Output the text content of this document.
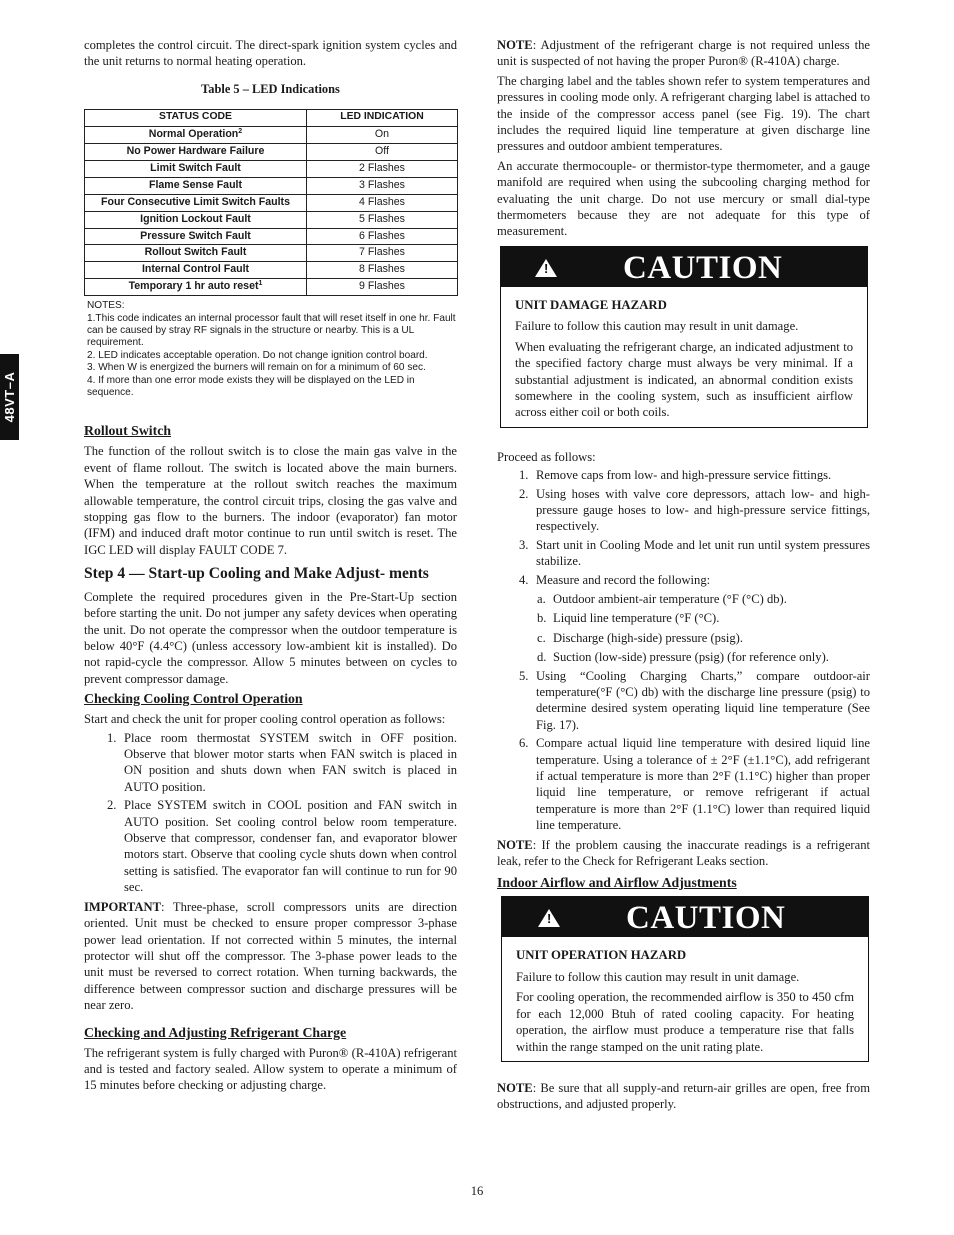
48VT–A

completes the control circuit. The direct-spark ignition system cycles and the unit returns to normal heating operation.

Table 5 – LED Indications
STATUS CODE	LED INDICATION
Normal Operation$^2$	On
No Power Hardware Failure	Off
Limit Switch Fault	2 Flashes
Flame Sense Fault	3 Flashes
Four Consecutive Limit Switch Faults	4 Flashes
Ignition Lockout Fault	5 Flashes
Pressure Switch Fault	6 Flashes
Rollout Switch Fault	7 Flashes
Internal Control Fault	8 Flashes
Temporary 1 hr auto reset$^1$	9 Flashes
NOTES:
1.This code indicates an internal processor fault that will reset itself in one hr. Fault can be caused by stray RF signals in the structure or nearby. This is a UL requirement.
2. LED indicates acceptable operation. Do not change ignition control board.
3. When W is energized the burners will remain on for a minimum of 60 sec.
4. If more than one error mode exists they will be displayed on the LED in sequence.
Rollout Switch

The function of the rollout switch is to close the main gas valve in the event of flame rollout. The switch is located above the main burners. When the temperature at the rollout switch reaches the maximum allowable temperature, the control circuit trips, closing the gas valve and stopping gas flow to the burners. The indoor (evaporator) fan motor (IFM) and induced draft motor continue to run until switch is reset. The IGC LED will display FAULT CODE 7.

Step 4 — Start-up Cooling and Make Adjust- ments

Complete the required procedures given in the Pre-Start-Up section before starting the unit. Do not jumper any safety devices when operating the unit. Do not operate the compressor when the outdoor temperature is below 40°F (4.4°C) (unless accessory low-ambient kit is installed). Do not rapid-cycle the compressor. Allow 5 minutes between on cycles to prevent compressor damage.

Checking Cooling Control Operation

Start and check the unit for proper cooling control operation as follows:

1. Place room thermostat SYSTEM switch in OFF position. Observe that blower motor starts when FAN switch is placed in ON position and shuts down when FAN switch is placed in AUTO position.
2. Place SYSTEM switch in COOL position and FAN switch in AUTO position. Set cooling control below room temperature. Observe that compressor, condenser fan, and evaporator blower motors start. Observe that cooling cycle shuts down when control setting is satisfied. The evaporator fan will continue to run for 90 sec.

IMPORTANT: Three-phase, scroll compressors units are direction oriented. Unit must be checked to ensure proper compressor 3-phase power lead orientation. If not corrected within 5 minutes, the internal protector will shut off the compressor. The 3-phase power leads to the unit must be reversed to correct rotation. When turning backwards, the difference between compressor suction and discharge pressures will be near zero.

Checking and Adjusting Refrigerant Charge

The refrigerant system is fully charged with Puron® (R-410A) refrigerant and is tested and factory sealed. Allow system to operate a minimum of 15 minutes before checking or adjusting charge.

NOTE: Adjustment of the refrigerant charge is not required unless the unit is suspected of not having the proper Puron® (R-410A) charge.

The charging label and the tables shown refer to system temperatures and pressures in cooling mode only. A refrigerant charging label is attached to the inside of the compressor access panel (see Fig. 19). The chart includes the required liquid line temperature at given discharge line pressures and outdoor ambient temperatures.

An accurate thermocouple- or thermistor-type thermometer, and a gauge manifold are required when using the subcooling charging method for evaluating the unit charge. Do not use mercury or small dial-type thermometers because they are not adequate for this type of measurement.

! CAUTION
UNIT DAMAGE HAZARD

Failure to follow this caution may result in unit damage.

When evaluating the refrigerant charge, an indicated adjustment to the specified factory charge must always be very minimal. If a substantial adjustment is indicated, an abnormal condition exists somewhere in the cooling system, such as insufficient airflow across either coil or both coils.

Proceed as follows:

1. Remove caps from low- and high-pressure service fittings.
2. Using hoses with valve core depressors, attach low- and high-pressure gauge hoses to low- and high-pressure service fittings, respectively.
3. Start unit in Cooling Mode and let unit run until system pressures stabilize.
4. Measure and record the following:
a. Outdoor ambient-air temperature (°F (°C) db).
b. Liquid line temperature (°F (°C).
c. Discharge (high-side) pressure (psig).
d. Suction (low-side) pressure (psig) (for reference only).
5. Using “Cooling Charging Charts,” compare outdoor-air temperature(°F (°C) db) with the discharge line pressure (psig) to determine desired system operating liquid line temperature (See Fig. 17).
6. Compare actual liquid line temperature with desired liquid line temperature. Using a tolerance of ± 2°F (±1.1°C), add refrigerant if actual temperature is more than 2°F (1.1°C) higher than proper liquid line temperature, or remove refrigerant if actual temperature is more than 2°F (1.1°C) lower than required liquid line temperature.

NOTE: If the problem causing the inaccurate readings is a refrigerant leak, refer to the Check for Refrigerant Leaks section.

Indoor Airflow and Airflow Adjustments
! CAUTION
UNIT OPERATION HAZARD

Failure to follow this caution may result in unit damage.

For cooling operation, the recommended airflow is 350 to 450 cfm for each 12,000 Btuh of rated cooling capacity. For heating operation, the airflow must produce a temperature rise that falls within the range stamped on the unit rating plate.

NOTE: Be sure that all supply-and return-air grilles are open, free from obstructions, and adjusted properly.

16
